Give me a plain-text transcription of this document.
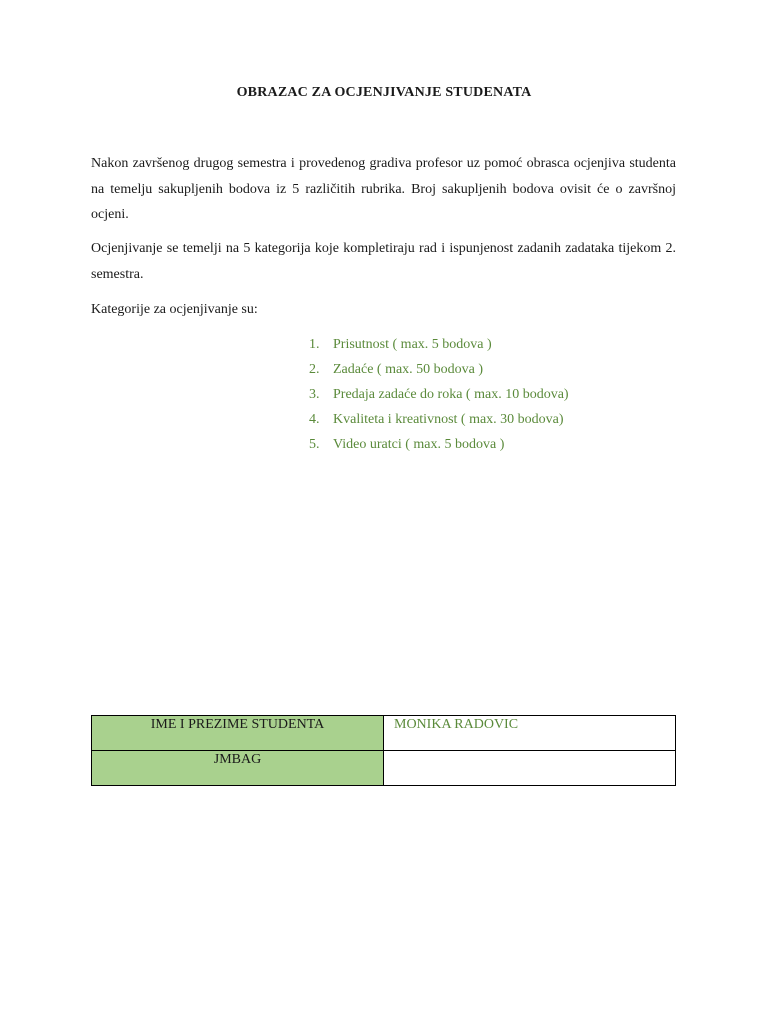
OBRAZAC ZA OCJENJIVANJE STUDENATA

Nakon završenog drugog semestra i provedenog gradiva profesor uz pomoć obrasca ocjenjiva studenta na temelju sakupljenih bodova iz 5 različitih rubrika. Broj sakupljenih bodova ovisit će o završnoj ocjeni.

Ocjenjivanje se temelji na 5 kategorija koje kompletiraju rad i ispunjenost zadanih zadataka tijekom 2. semestra.

Kategorije za ocjenjivanje su:

1. Prisutnost ( max. 5 bodova )
2. Zadaće ( max. 50 bodova )
3. Predaja zadaće do roka ( max. 10 bodova)
4. Kvaliteta i kreativnost ( max. 30 bodova)
5. Video uratci ( max. 5 bodova )
IME I PREZIME STUDENTA	MONIKA RADOVIC
JMBAG	
